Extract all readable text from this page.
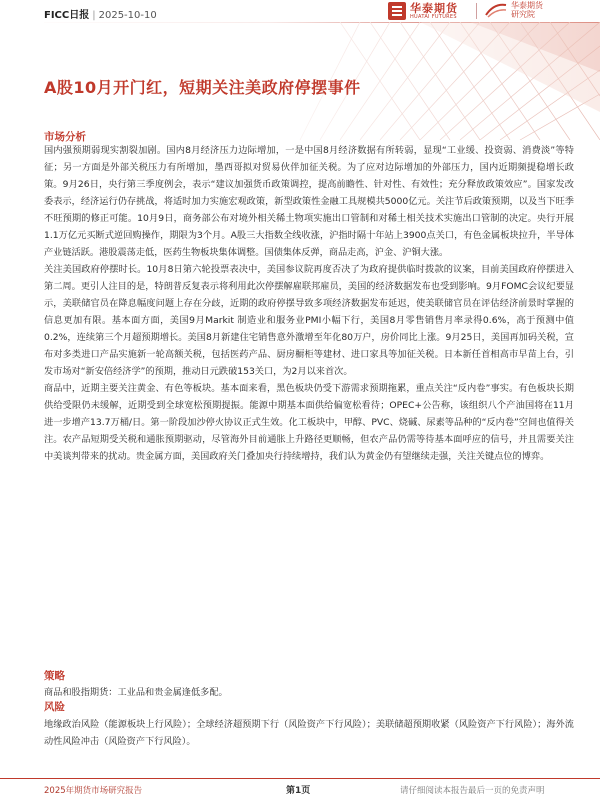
FICC日报 | 2025-10-10
华泰期货
HUATAI FUTURES
华泰期货
研究院
A股10月开门红，短期关注美政府停摆事件
市场分析

国内强预期弱现实割裂加剧。国内8月经济压力边际增加，一是中国8月经济数据有所转弱，显现“工业缓、投资弱、消费淡”等特征；另一方面是外部关税压力有所增加，墨西哥拟对贸易伙伴加征关税。为了应对边际增加的外部压力，国内近期频提稳增长政策。9月26日，央行第三季度例会，表示“建议加强货币政策调控，提高前瞻性、针对性、有效性；充分释放政策效应”。国家发改委表示，经济运行仍存挑战，将适时加力实施宏观政策，新型政策性金融工具规模共5000亿元。关注节后政策预期，以及当下旺季不旺预期的修正可能。10月9日，商务部公布对境外相关稀土物项实施出口管制和对稀土相关技术实施出口管制的决定。央行开展1.1万亿元买断式逆回购操作，期限为3个月。A股三大指数全线收涨，沪指时隔十年站上3900点关口，有色金属板块拉升，半导体产业链活跃。港股震荡走低，医药生物板块集体调整。国债集体反弹，商品走高，沪金、沪铜大涨。

关注美国政府停摆时长。10月8日第六轮投票表决中，美国参议院再度否决了为政府提供临时拨款的议案，目前美国政府停摆进入第二周。更引人注目的是，特朗普反复表示将利用此次停摆解雇联邦雇员，美国的经济数据发布也受到影响。9月FOMC会议纪要显示，美联储官员在降息幅度问题上存在分歧，近期的政府停摆导致多项经济数据发布延迟，使美联储官员在评估经济前景时掌握的信息更加有限。基本面方面，美国9月Markit 制造业和服务业PMI小幅下行，美国8月零售销售月率录得0.6%，高于预测中值0.2%，连续第三个月超预期增长。美国8月新建住宅销售意外激增至年化80万户，房价同比上涨。9月25日，美国再加码关税，宣布对多类进口产品实施新一轮高额关税，包括医药产品、厨房橱柜等建材、进口家具等加征关税。日本新任首相高市早苗上台，引发市场对“新安倍经济学”的预期，推动日元跌破153关口，为2月以来首次。

商品中，近期主要关注黄金、有色等板块。基本面来看，黑色板块仍受下游需求预期拖累，重点关注“反内卷”事实。有色板块长期供给受限仍未缓解，近期受到全球宽松预期提振。能源中期基本面供给偏宽松看待；OPEC+公告称，该组织八个产油国将在11月进一步增产13.7万桶/日。第一阶段加沙停火协议正式生效。化工板块中，甲醇、PVC、烧碱、尿素等品种的“反内卷”空间也值得关注。农产品短期受关税和通胀预期驱动，尽管海外目前通胀上升路径更顺畅，但农产品仍需等待基本面呼应的信号，并且需要关注中美谈判带来的扰动。贵金属方面，美国政府关门叠加央行持续增持，我们认为黄金仍有望继续走强，关注关键点位的博弈。

策略
商品和股指期货：工业品和贵金属逢低多配。
风险
地缘政治风险（能源板块上行风险）；全球经济超预期下行（风险资产下行风险）；美联储超预期收紧（风险资产下行风险）；海外流动性风险冲击（风险资产下行风险）。
2025年期货市场研究报告	第1页	请仔细阅读本报告最后一页的免责声明
